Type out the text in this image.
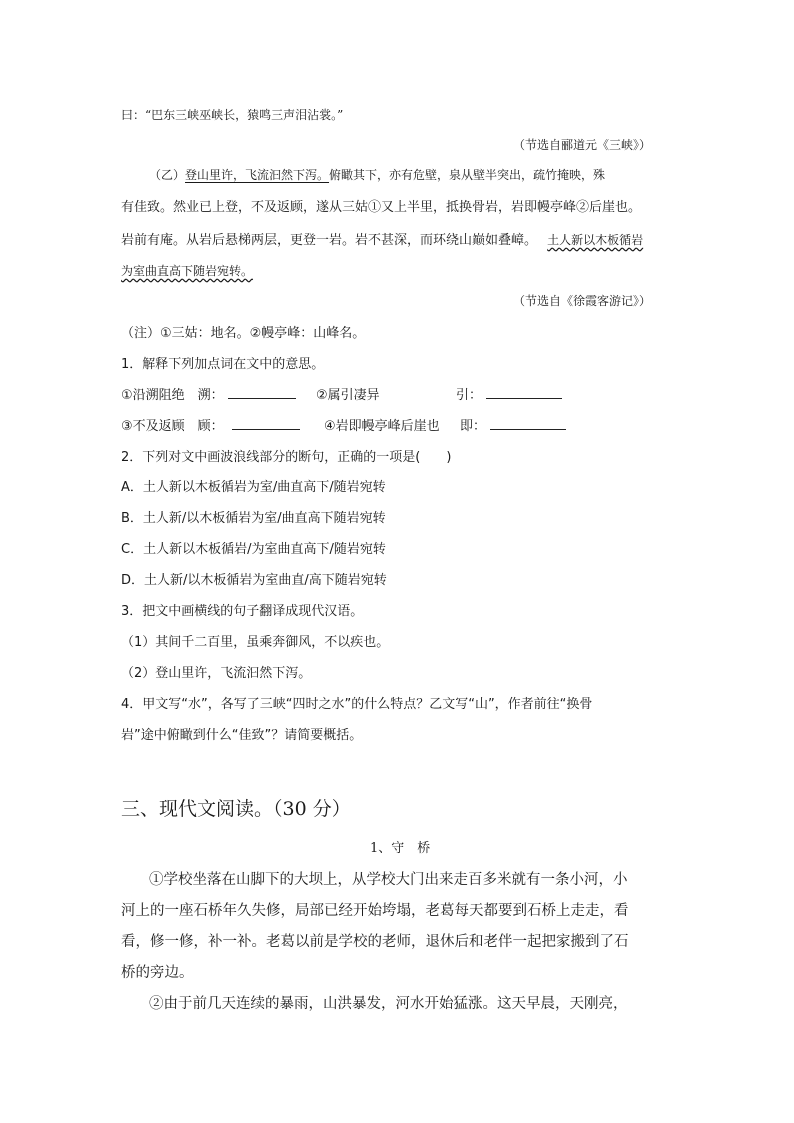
曰：“巴东三峡巫峡长，猿鸣三声泪沾裳。”
（节选自郦道元《三峡》）
（乙）登山里许，飞流汩然下泻。俯瞰其下，亦有危壁，泉从壁半突出，疏竹掩映，殊
有佳致。然业已上登，不及返顾，遂从三姑①又上半里，抵换骨岩，岩即幔亭峰②后崖也。
岩前有庵。从岩后悬梯两层，更登一岩。岩不甚深，而环绕山巅如叠嶂。 土人新以木板循岩
为室曲直高下随岩宛转。
（节选自《徐霞客游记》）
（注）①三姑：地名。②幔亭峰：山峰名。
1．解释下列加点词在文中的意思。
①沿溯阻绝　溯：	②属引凄异	引：
③不及返顾　顾：	④岩即幔亭峰后崖也 即：
2．下列对文中画波浪线部分的断句，正确的一项是(　　)
A．土人新以木板循岩为室/曲直高下/随岩宛转
B．土人新/以木板循岩为室/曲直高下随岩宛转
C．土人新以木板循岩/为室曲直高下/随岩宛转
D．土人新/以木板循岩为室曲直/高下随岩宛转
3．把文中画横线的句子翻译成现代汉语。
（1）其间千二百里，虽乘奔御风，不以疾也。
（2）登山里许，飞流汩然下泻。
4．甲文写“水”，各写了三峡“四时之水”的什么特点？乙文写“山”，作者前往“换骨
岩”途中俯瞰到什么“佳致”？请简要概括。
三、现代文阅读。（30 分）
1、守　桥
①学校坐落在山脚下的大坝上，从学校大门出来走百多米就有一条小河，小
河上的一座石桥年久失修，局部已经开始垮塌，老葛每天都要到石桥上走走，看
看，修一修，补一补。老葛以前是学校的老师，退休后和老伴一起把家搬到了石
桥的旁边。
②由于前几天连续的暴雨，山洪暴发，河水开始猛涨。这天早晨，天刚亮，
